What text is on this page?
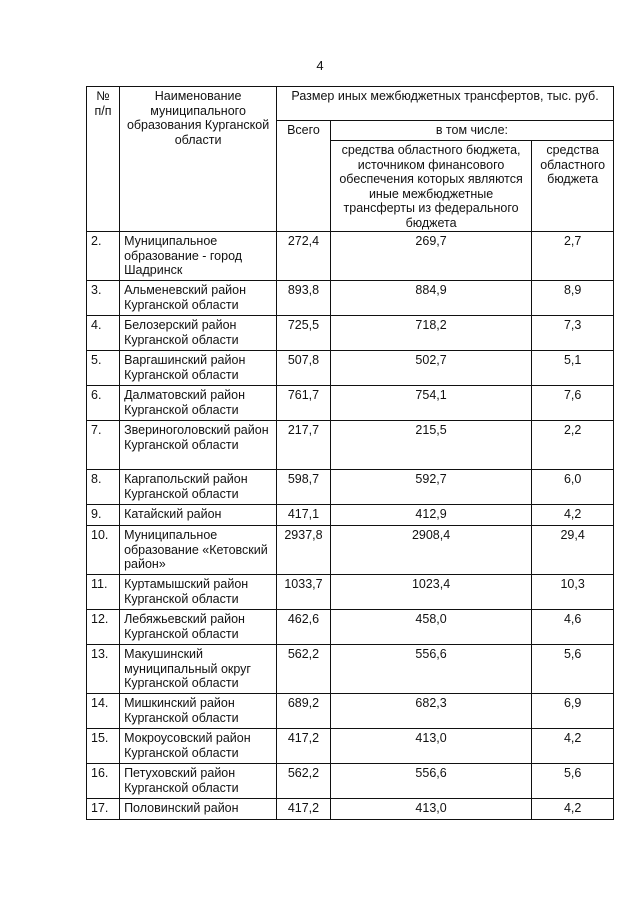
4
№ п/п	Наименование муниципального образования Курганской области	Размер иных межбюджетных трансфертов, тыс. руб.		
		Всего	в том числе:	
			средства областного бюджета, источником финансового обеспечения которых являются иные межбюджетные трансферты из федерального бюджета	средства областного бюджета
2.	Муниципальное образование - город Шадринск	272,4	269,7	2,7
3.	Альменевский район Курганской области	893,8	884,9	8,9
4.	Белозерский район Курганской области	725,5	718,2	7,3
5.	Варгашинский район Курганской области	507,8	502,7	5,1
6.	Далматовский район Курганской области	761,7	754,1	7,6
7.	Звериноголовский район Курганской области	217,7	215,5	2,2
8.	Каргапольский район Курганской области	598,7	592,7	6,0
9.	Катайский район	417,1	412,9	4,2
10.	Муниципальное образование «Кетовский район»	2937,8	2908,4	29,4
11.	Куртамышский район Курганской области	1033,7	1023,4	10,3
12.	Лебяжьевский район Курганской области	462,6	458,0	4,6
13.	Макушинский муниципальный округ Курганской области	562,2	556,6	5,6
14.	Мишкинский район Курганской области	689,2	682,3	6,9
15.	Мокроусовский район Курганской области	417,2	413,0	4,2
16.	Петуховский район Курганской области	562,2	556,6	5,6
17.	Половинский район	417,2	413,0	4,2
